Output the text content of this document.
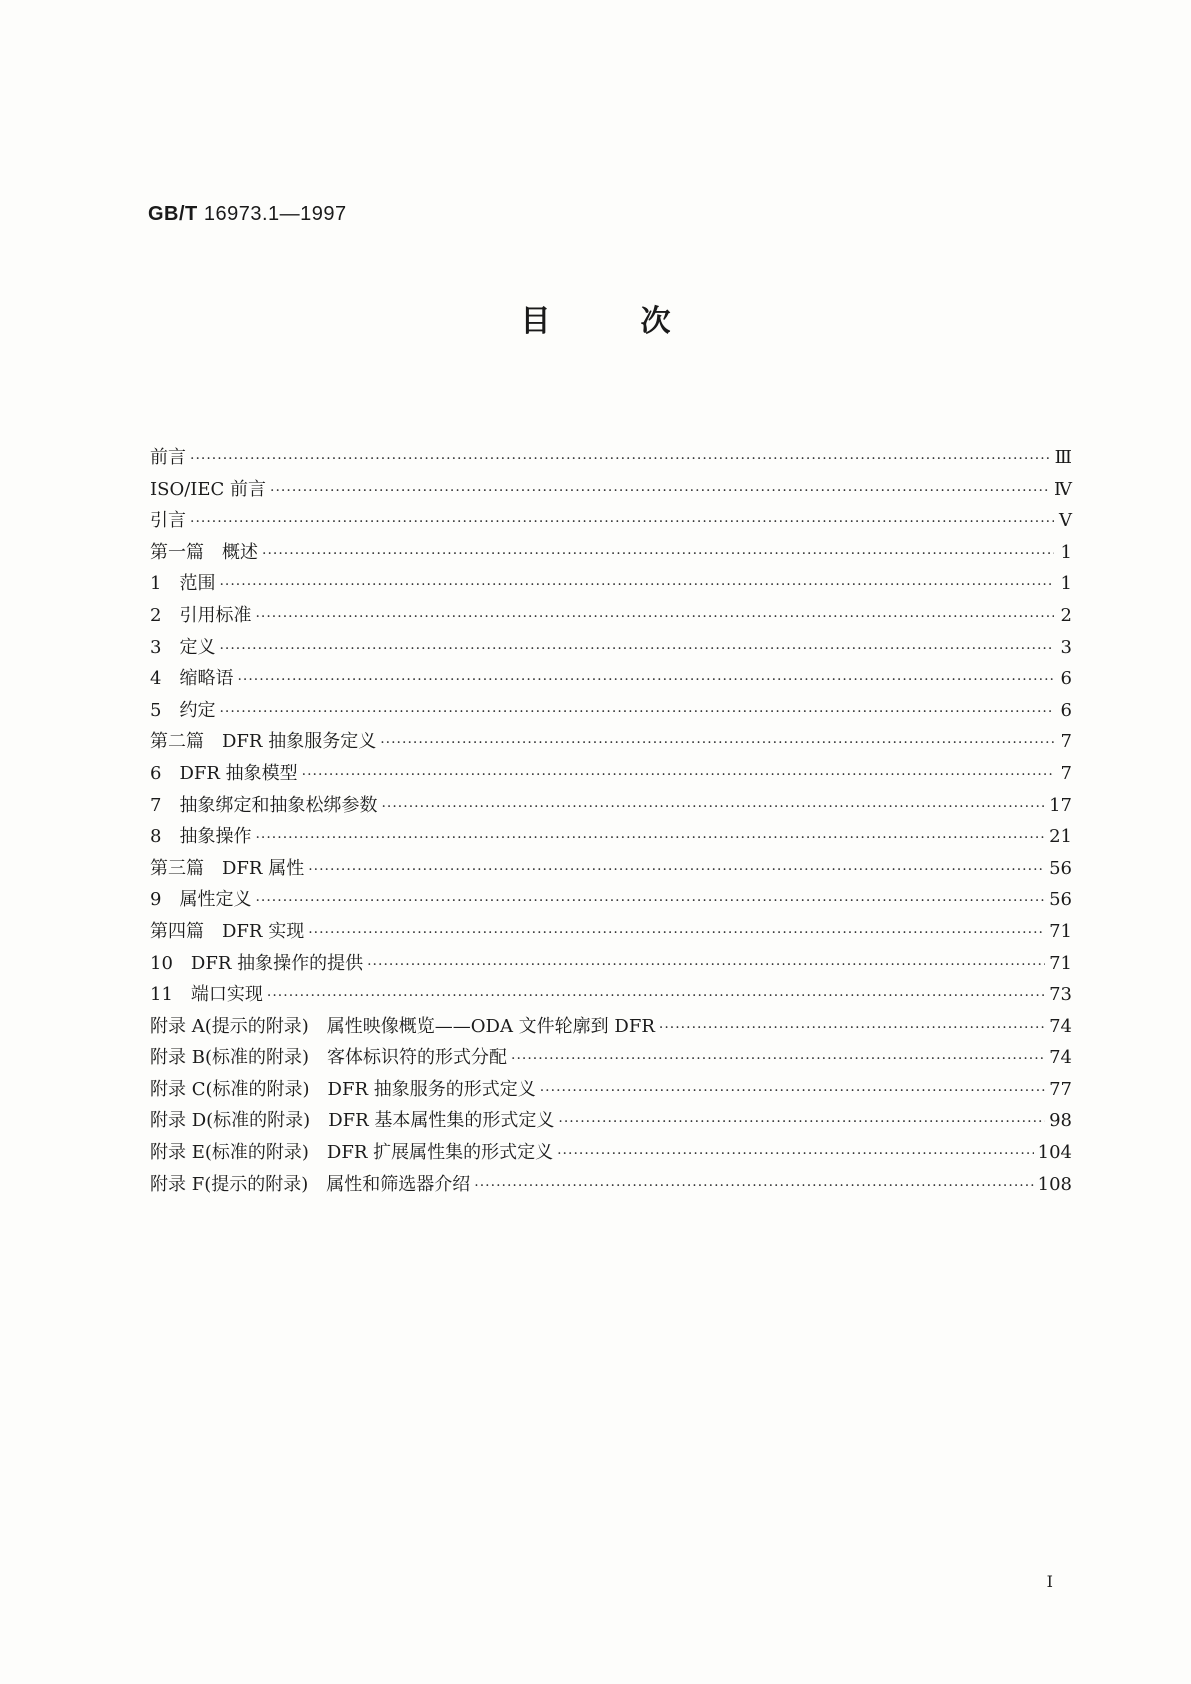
GB/T 16973.1—1997
目次
前言 ·····	Ⅲ
ISO/IEC 前言 ·····	Ⅳ
引言 ·····	Ⅴ
第一篇　概述 ·····	1
1　范围 ·····	1
2　引用标准 ·····	2
3　定义 ·····	3
4　缩略语 ·····	6
5　约定 ·····	6
第二篇　DFR 抽象服务定义 ·····	7
6　DFR 抽象模型 ·····	7
7　抽象绑定和抽象松绑参数 ·····	17
8　抽象操作 ·····	21
第三篇　DFR 属性 ·····	56
9　属性定义 ·····	56
第四篇　DFR 实现 ·····	71
10　DFR 抽象操作的提供 ·····	71
11　端口实现 ·····	73
附录 A(提示的附录)　属性映像概览——ODA 文件轮廓到 DFR ·····	74
附录 B(标准的附录)　客体标识符的形式分配 ·····	74
附录 C(标准的附录)　DFR 抽象服务的形式定义 ·····	77
附录 D(标准的附录)　DFR 基本属性集的形式定义 ·····	98
附录 E(标准的附录)　DFR 扩展属性集的形式定义 ·····	104
附录 F(提示的附录)　属性和筛选器介绍 ·····	108
I
